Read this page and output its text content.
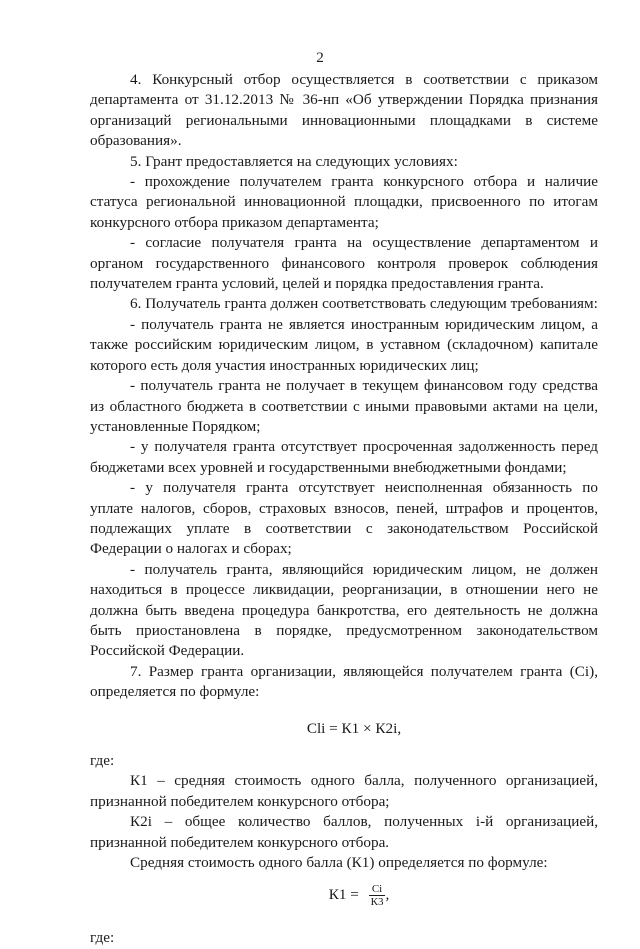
2

4. Конкурсный отбор осуществляется в соответствии с приказом департамента от 31.12.2013 № 36-нп «Об утверждении Порядка признания организаций региональными инновационными площадками в системе образования».

5. Грант предоставляется на следующих условиях:

- прохождение получателем гранта конкурсного отбора и наличие статуса региональной инновационной площадки, присвоенного по итогам конкурсного отбора приказом департамента;

- согласие получателя гранта на осуществление департаментом и органом государственного финансового контроля проверок соблюдения получателем гранта условий, целей и порядка предоставления гранта.

6. Получатель гранта должен соответствовать следующим требованиям:

- получатель гранта не является иностранным юридическим лицом, а также российским юридическим лицом, в уставном (складочном) капитале которого есть доля участия иностранных юридических лиц;

- получатель гранта не получает в текущем финансовом году средства из областного бюджета в соответствии с иными правовыми актами на цели, установленные Порядком;

- у получателя гранта отсутствует просроченная задолженность перед бюджетами всех уровней и государственными внебюджетными фондами;

- у получателя гранта отсутствует неисполненная обязанность по уплате налогов, сборов, страховых взносов, пеней, штрафов и процентов, подлежащих уплате в соответствии с законодательством Российской Федерации о налогах и сборах;

- получатель гранта, являющийся юридическим лицом, не должен находиться в процессе ликвидации, реорганизации, в отношении него не должна быть введена процедура банкротства, его деятельность не должна быть приостановлена в порядке, предусмотренном законодательством Российской Федерации.

7. Размер гранта организации, являющейся получателем гранта (Сi), определяется по формуле:

Сli = К1 × К2i,

где:

К1 – средняя стоимость одного балла, полученного организацией, признанной победителем конкурсного отбора;

К2i – общее количество баллов, полученных i-й организацией, признанной победителем конкурсного отбора.

Средняя стоимость одного балла (К1) определяется по формуле:

$К1 = \frac{Сi}{К3}$ ,

где:
